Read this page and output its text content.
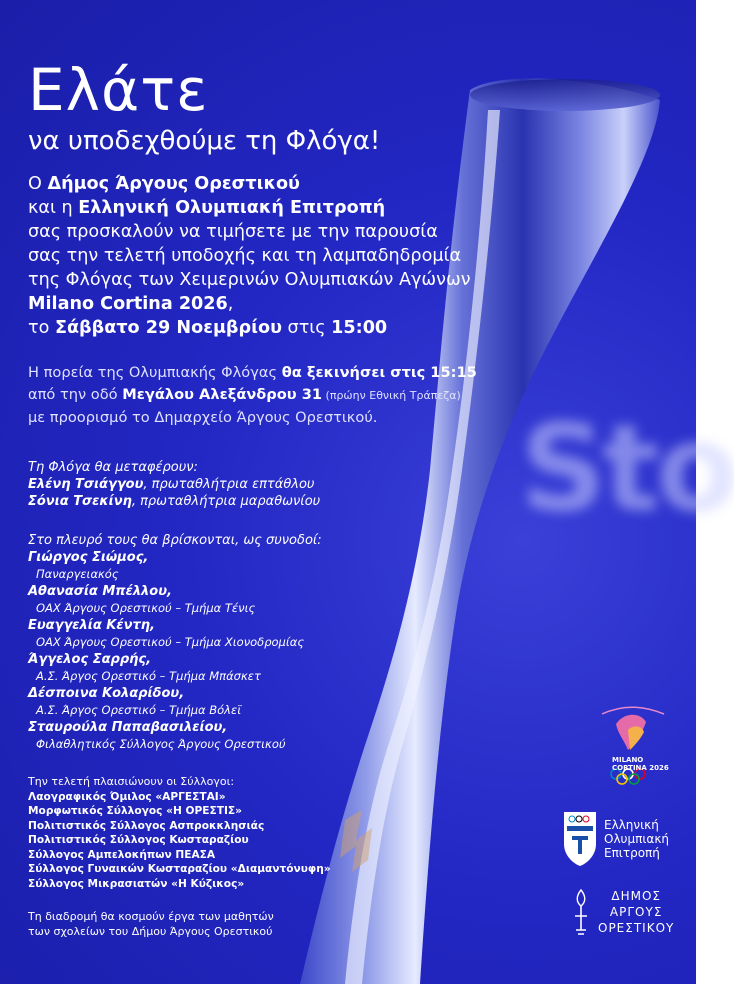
Sto
Ελάτε
να υποδεχθούμε τη Φλόγα!
Ο Δήμος Άργους Ορεστικού
και η Ελληνική Ολυμπιακή Επιτροπή
σας προσκαλούν να τιμήσετε με την παρουσία
σας την τελετή υποδοχής και τη λαμπαδηδρομία
της Φλόγας των Χειμερινών Ολυμπιακών Αγώνων
Milano Cortina 2026,
το Σάββατο 29 Νοεμβρίου στις 15:00
Η πορεία της Ολυμπιακής Φλόγας θα ξεκινήσει στις 15:15
από την οδό Μεγάλου Αλεξάνδρου 31 (πρώην Εθνική Τράπεζα)
με προορισμό το Δημαρχείο Άργους Ορεστικού.
Τη Φλόγα θα μεταφέρουν:
Ελένη Τσιάγγου, πρωταθλήτρια επτάθλου
Σόνια Τσεκίνη, πρωταθλήτρια μαραθωνίου
Στο πλευρό τους θα βρίσκονται, ως συνοδοί:
Γιώργος Σιώμος,
Παναργειακός
Αθανασία Μπέλλου,
ΟΑΧ Άργους Ορεστικού – Τμήμα Τένις
Ευαγγελία Κέντη,
ΟΑΧ Άργους Ορεστικού – Τμήμα Χιονοδρομίας
Άγγελος Σαρρής,
Α.Σ. Άργος Ορεστικό – Τμήμα Μπάσκετ
Δέσποινα Κολαρίδου,
Α.Σ. Άργος Ορεστικό – Τμήμα Βόλεϊ
Σταυρούλα Παπαβασιλείου,
Φιλαθλητικός Σύλλογος Άργους Ορεστικού
Την τελετή πλαισιώνουν οι Σύλλογοι:
Λαογραφικός Όμιλος «ΑΡΓΕΣΤΑΙ»
Μορφωτικός Σύλλογος «Η ΟΡΕΣΤΙΣ»
Πολιτιστικός Σύλλογος Ασπροκκλησιάς
Πολιτιστικός Σύλλογος Κωσταραζίου
Σύλλογος Αμπελοκήπων ΠΕΑΣΑ
Σύλλογος Γυναικών Κωσταραζίου «Διαμαντόνυφη»
Σύλλογος Μικρασιατών «Η Κύζικος»
Τη διαδρομή θα κοσμούν έργα των μαθητών
των σχολείων του Δήμου Άργους Ορεστικού
MILANO CORTINA 2026
Ελληνική
Ολυμπιακή
Επιτροπή
ΔΗΜΟΣ
ΑΡΓΟΥΣ
ΟΡΕΣΤΙΚΟΥ
